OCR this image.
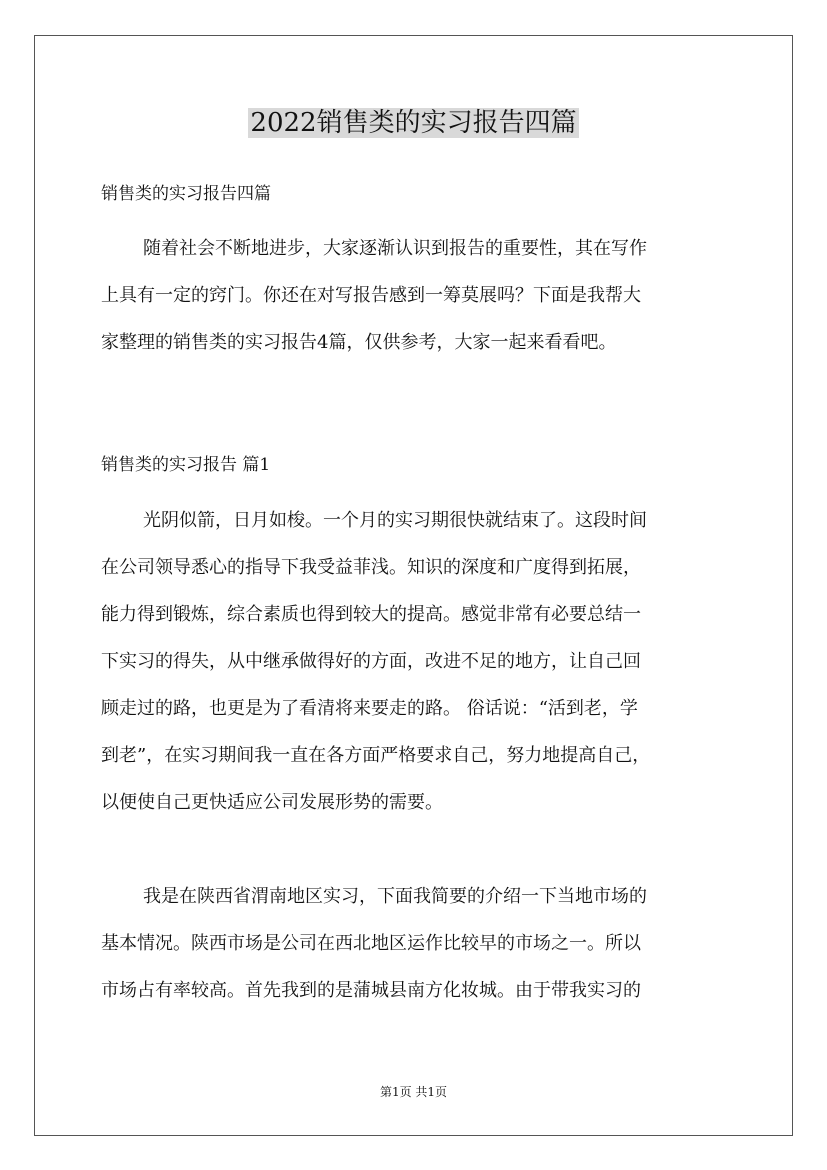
2022销售类的实习报告四篇
销售类的实习报告四篇
随着社会不断地进步，大家逐渐认识到报告的重要性，其在写作
上具有一定的窍门。你还在对写报告感到一筹莫展吗？下面是我帮大
家整理的销售类的实习报告4篇，仅供参考，大家一起来看看吧。
销售类的实习报告 篇1
光阴似箭，日月如梭。一个月的实习期很快就结束了。这段时间
在公司领导悉心的指导下我受益菲浅。知识的深度和广度得到拓展，
能力得到锻炼，综合素质也得到较大的提高。感觉非常有必要总结一
下实习的得失，从中继承做得好的方面，改进不足的地方，让自己回
顾走过的路，也更是为了看清将来要走的路。 俗话说：“活到老，学
到老”，在实习期间我一直在各方面严格要求自己，努力地提高自己，
以便使自己更快适应公司发展形势的需要。
我是在陕西省渭南地区实习，下面我简要的介绍一下当地市场的
基本情况。陕西市场是公司在西北地区运作比较早的市场之一。所以
市场占有率较高。首先我到的是蒲城县南方化妆城。由于带我实习的
第1页 共1页
